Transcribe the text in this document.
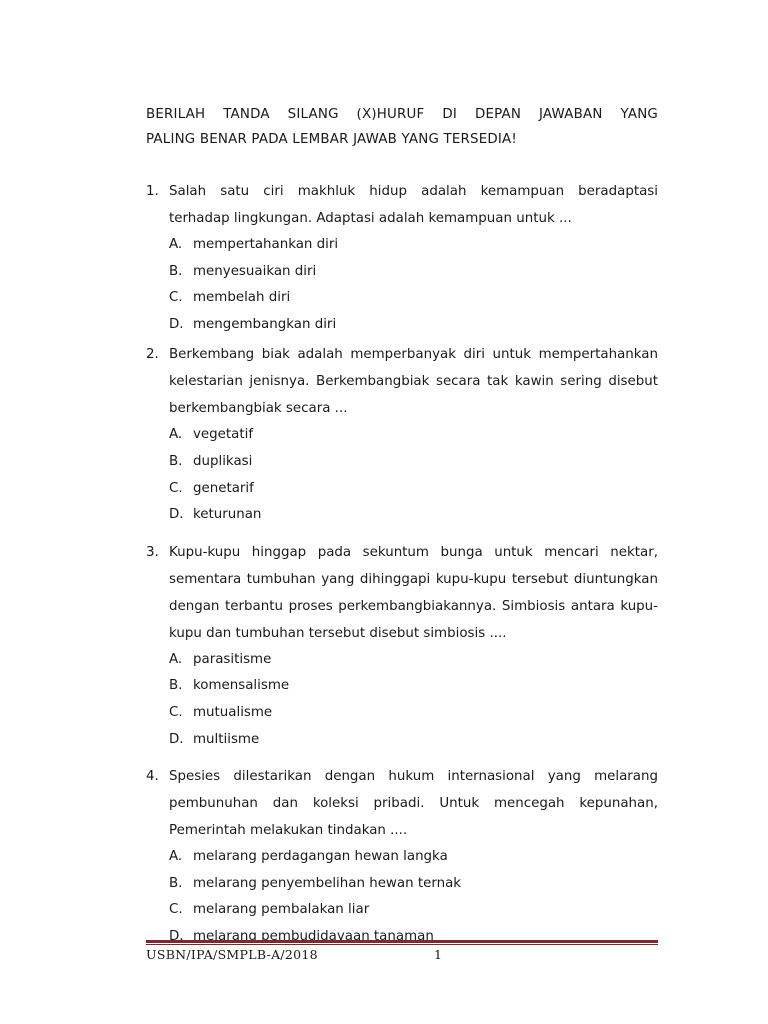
BERILAH TANDA SILANG (X)HURUF DI DEPAN JAWABAN YANG
PALING BENAR PADA LEMBAR JAWAB YANG TERSEDIA!
1. Salah satu ciri makhluk hidup adalah kemampuan beradaptasi
terhadap lingkungan. Adaptasi adalah kemampuan untuk ...

A. mempertahankan diri
B. menyesuaikan diri
C. membelah diri
D. mengembangkan diri
2. Berkembang biak adalah memperbanyak diri untuk mempertahankan
kelestarian jenisnya. Berkembangbiak secara tak kawin sering disebut
berkembangbiak secara ...

A. vegetatif
B. duplikasi
C. genetarif
D. keturunan
3. Kupu-kupu hinggap pada sekuntum bunga untuk mencari nektar,
sementara tumbuhan yang dihinggapi kupu-kupu tersebut diuntungkan
dengan terbantu proses perkembangbiakannya. Simbiosis antara kupu-
kupu dan tumbuhan tersebut disebut simbiosis ....

A. parasitisme
B. komensalisme
C. mutualisme
D. multiisme
4. Spesies dilestarikan dengan hukum internasional yang melarang
pembunuhan dan koleksi pribadi. Untuk mencegah kepunahan,
Pemerintah melakukan tindakan ....

A. melarang perdagangan hewan langka
B. melarang penyembelihan hewan ternak
C. melarang pembalakan liar
D. melarang pembudidayaan tanaman
USBN/IPA/SMPLB-A/2018	1
